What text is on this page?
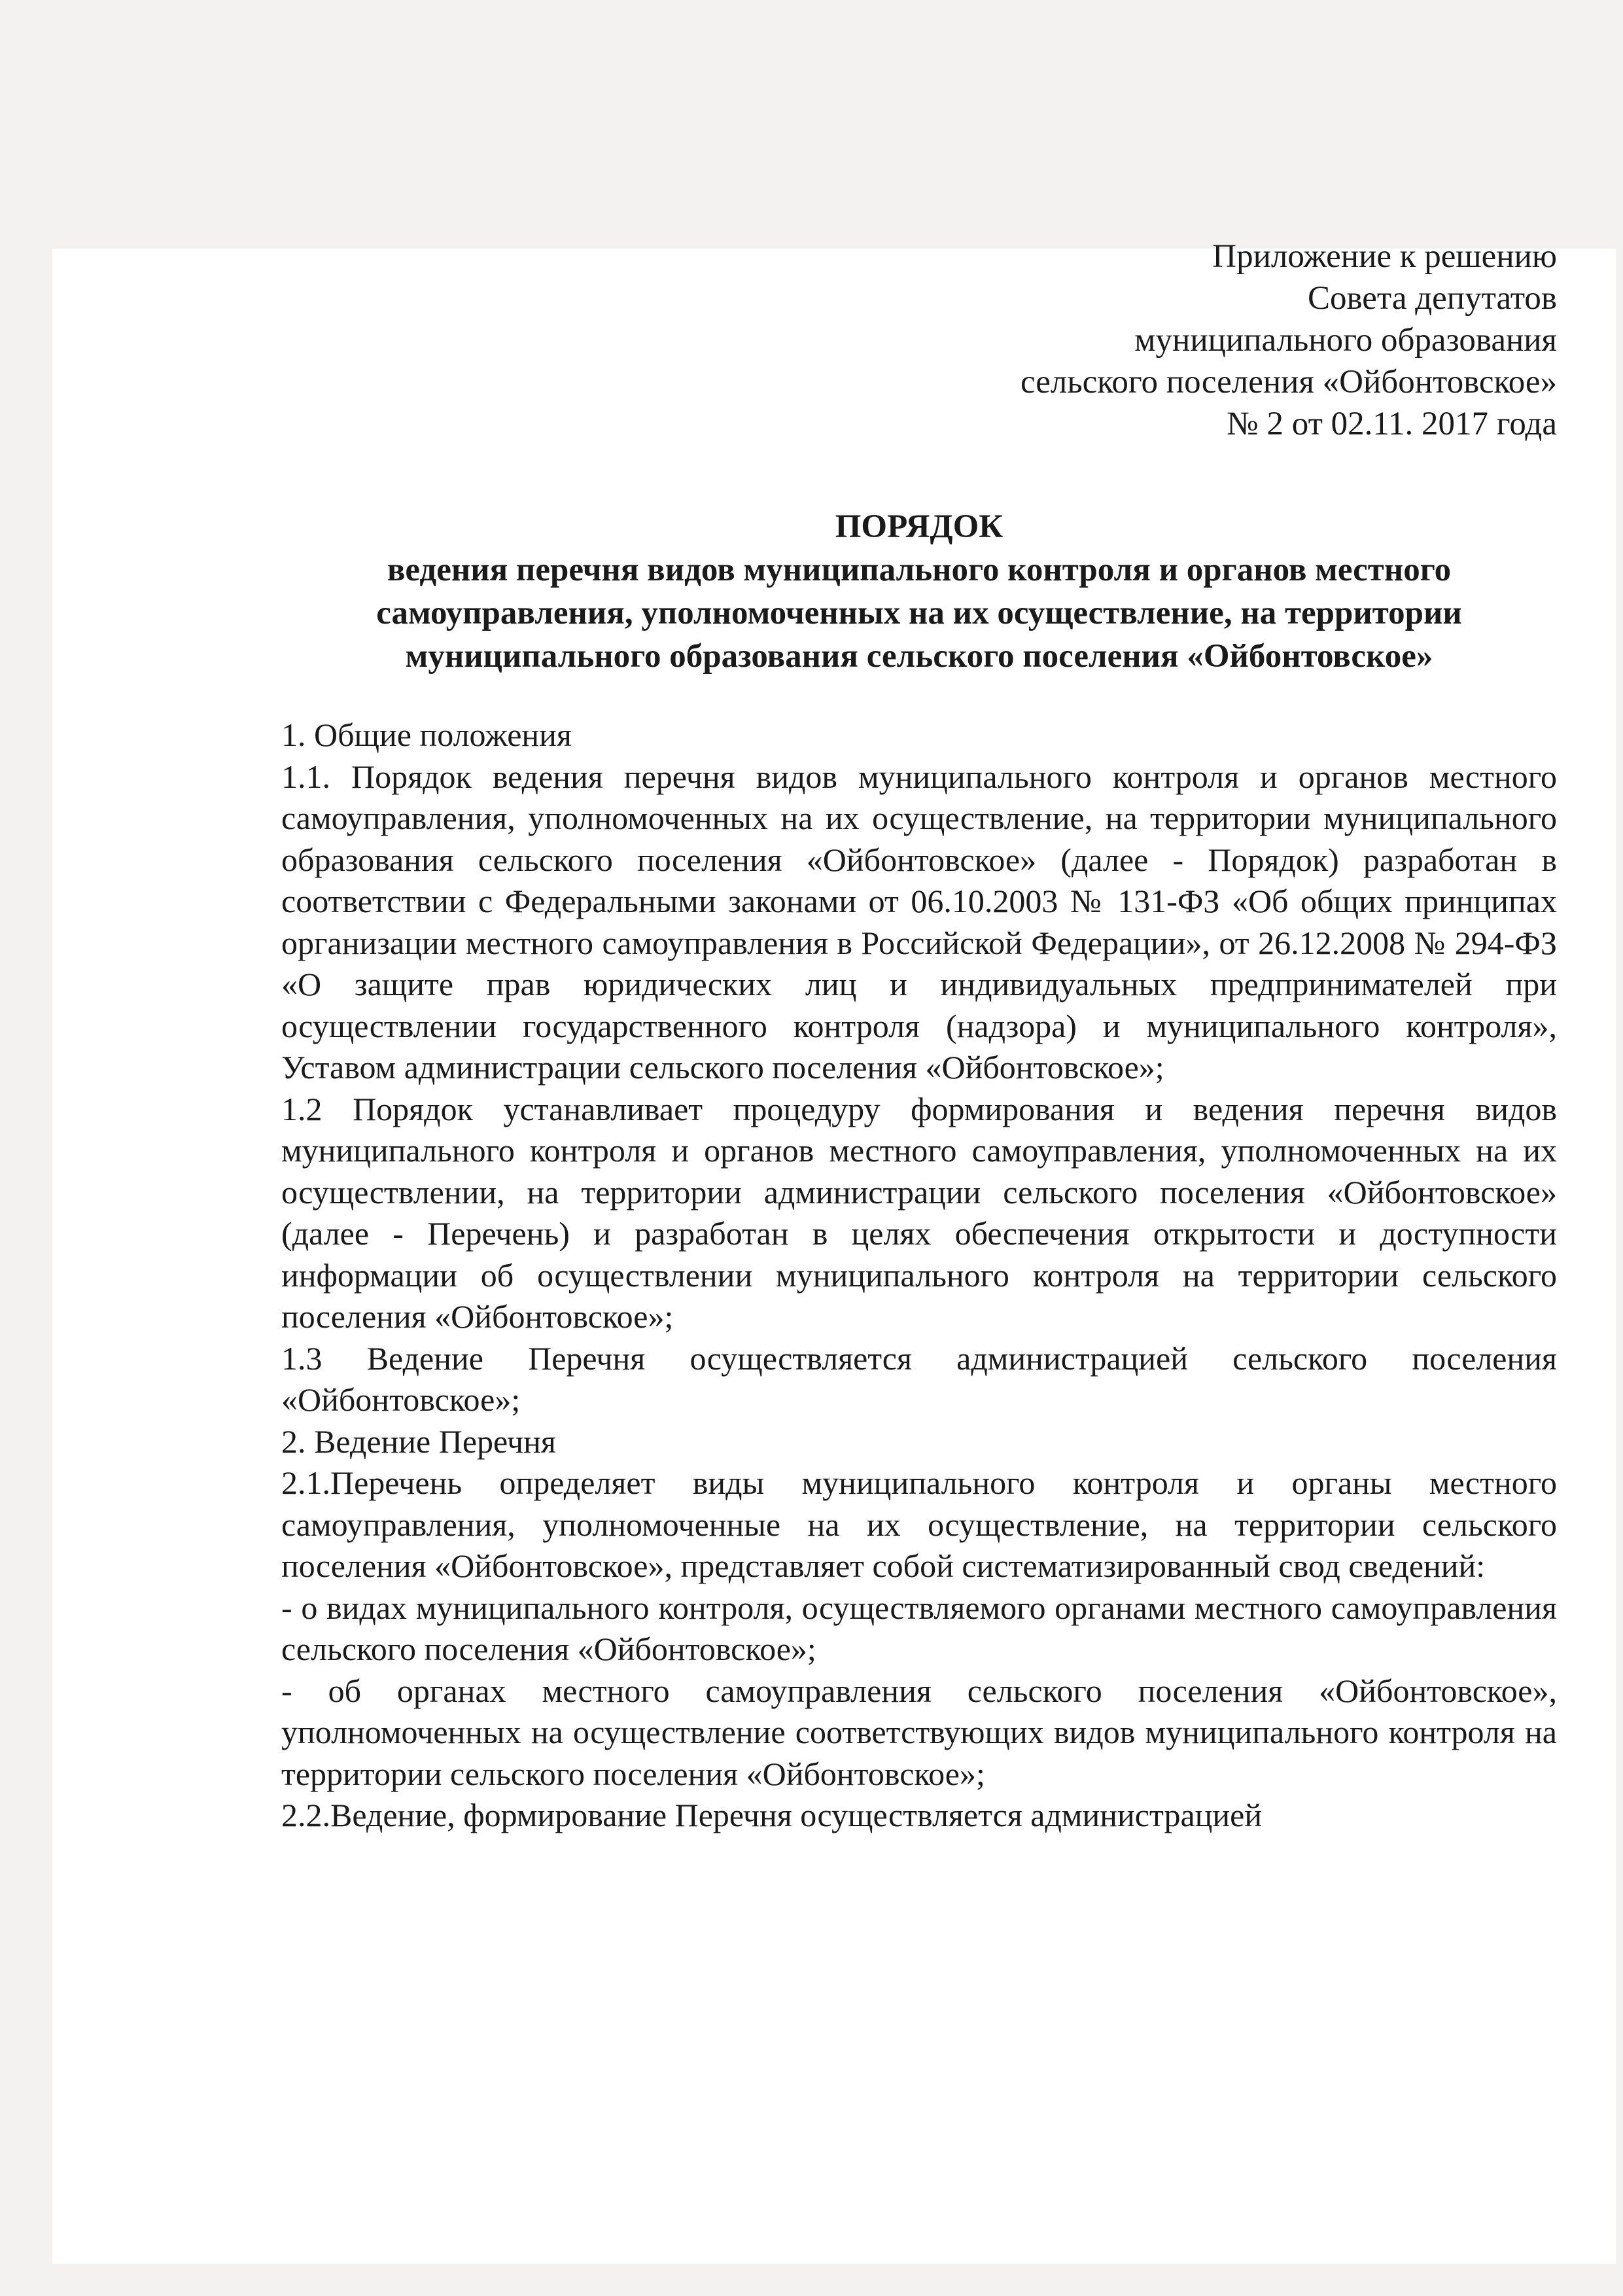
Приложение к решению
Совета депутатов
муниципального образования
сельского поселения «Ойбонтовское»
№ 2 от 02.11. 2017 года
ПОРЯДОК
ведения перечня видов муниципального контроля и органов местного
самоуправления, уполномоченных на их осуществление, на территории
муниципального образования сельского поселения «Ойбонтовское»

1. Общие положения

1.1. Порядок ведения перечня видов муниципального контроля и органов местного самоуправления, уполномоченных на их осуществление, на территории муниципального образования сельского поселения «Ойбонтовское» (далее - Порядок) разработан в соответствии с Федеральными законами от 06.10.2003 № 131-ФЗ «Об общих принципах организации местного самоуправления в Российской Федерации», от 26.12.2008 № 294-ФЗ «О защите прав юридических лиц и индивидуальных предпринимателей при осуществлении государственного контроля (надзора) и муниципального контроля», Уставом администрации сельского поселения «Ойбонтовское»;

1.2 Порядок устанавливает процедуру формирования и ведения перечня видов муниципального контроля и органов местного самоуправления, уполномоченных на их осуществлении, на территории администрации сельского поселения «Ойбонтовское» (далее - Перечень) и разработан в целях обеспечения открытости и доступности информации об осуществлении муниципального контроля на территории сельского поселения «Ойбонтовское»;

1.3 Ведение Перечня осуществляется администрацией сельского поселения «Ойбонтовское»;

2. Ведение Перечня

2.1.Перечень определяет виды муниципального контроля и органы местного самоуправления, уполномоченные на их осуществление, на территории сельского поселения «Ойбонтовское», представляет собой систематизированный свод сведений:

- о видах муниципального контроля, осуществляемого органами местного самоуправления сельского поселения «Ойбонтовское»;

- об органах местного самоуправления сельского поселения «Ойбонтовское», уполномоченных на осуществление соответствующих видов муниципального контроля на территории сельского поселения «Ойбонтовское»;

2.2.Ведение, формирование Перечня осуществляется администрацией
